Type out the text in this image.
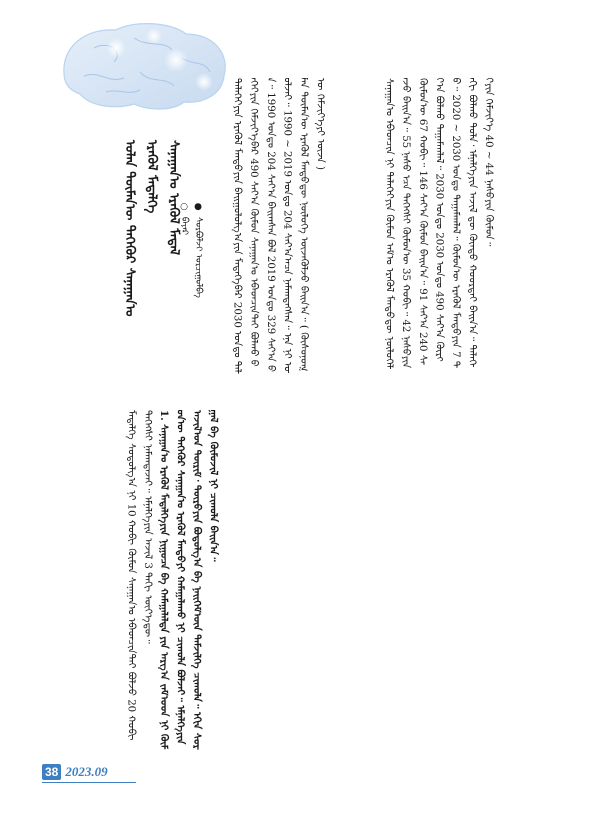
ᠣᠯᠠᠨ ᠲᠦᠮᠡᠨ᠎ᠦ ᠳᠡᠭᠡᠭᠦᠷ ᠰᠠᠨᠠᠭᠠᠨ᠎ᠤ ᠡᠷᠡᠭᠦᠯ ᠮᠡᠳᠡᠯᠭᠡ ᠰᠠᠨᠠᠭᠠᠨ᠎ᠤ ᠡᠷᠡᠭᠦᠯ ᠮᠡᠳᠡᠯ ○ ᠪᠠᠶᠠᠷ
● ᠰᠤᠷᠪᠤᠯᠵᠢ ᠣᠷᠴᠢᠭᠤᠯᠪᠠ	ᠳᠡᠯᠡᠬᠡᠢ᠎ᠶᠢᠨ ᠡᠷᠡᠭᠦᠯ ᠮᠡᠨᠳᠦ᠎ᠶᠢᠨ ᠪᠠᠢᠭᠤᠯᠤᠯᠭ᠎ᠠ᠎ᠶᠢᠨ ᠮᠡᠳᠡᠭᠡ᠎ᠪᠡᠷ 2030 ᠣᠨ᠎ᠳᠤ ᠳᠡᠯᠡᠬᠡᠢ᠎ᠶᠢᠨ ᠬᠡᠮᠵᠢᠶ᠎ᠡ᠎ᠪᠡᠷ 490 ᠰᠠᠶ᠎ᠠ ᠬᠦᠮᠦᠨ ᠰᠠᠨᠠᠭᠠᠨ᠎ᠤ ᠡᠪᠡᠳᠴᠢᠨ᠎ᠲᠡᠢ ᠪᠣᠯᠬᠤ ᠪᠠ᠃ 1990 ᠣᠨ᠎ᠳᠤ 204 ᠰᠠᠶ᠎ᠠ ᠪᠠᠢᠭᠰᠠᠨ ᠪᠣᠯ 2019 ᠣᠨ᠎ᠳᠤ 329 ᠰᠠᠶ᠎ᠠ ᠪᠣᠯᠵᠠᠢ᠃ 1990 ~ 2019 ᠣᠨ᠎ᠳᠤ 204 ᠰᠠᠶ᠎ᠠ᠎ᠠᠴᠠ ᠨᠡᠮᠡᠭ᠍ᠳᠡᠭᠰᠡᠨ᠃ ᠡᠨᠡ ᠨᠢ ᠣᠯᠠᠨ ᠲᠦᠮᠡᠨ᠎ᠦ ᠡᠷᠡᠭᠦᠯ ᠮᠡᠨᠳᠦ᠎ᠳᠦ ᠨᠥᠯᠥᠭᠡ ᠦᠵᠡᠭᠦᠯᠵᠦ ᠪᠠᠢᠨ᠎ᠠ᠃ ( ᠬᠦᠰᠦᠨᠦᠭ᠍ ᠦ ᠬᠡᠮᠵᠢᠶ᠎ᠡ᠎ᠶᠢ ᠦᠵᠡ )	ᠰᠠᠨᠠᠭᠠᠨ᠎ᠤ ᠡᠪᠡᠳᠴᠢᠨ ᠨᠢ ᠳᠡᠯᠡᠬᠡᠢ᠎ᠶᠢᠨ ᠬᠦᠮᠦᠨ ᠠᠮ᠎ᠤ ᠡᠷᠡᠭᠦᠯ ᠮᠡᠨᠳᠦ᠎ᠳᠦ ᠨᠥᠯᠥᠭᠡᠯᠡᠵᠦ ᠪᠠᠢᠨ᠎ᠠ᠃ 55 ᠨᠠᠰᠤ ᠡᠴᠡ ᠳᠡᠭᠡᠭᠰᠢ ᠬᠦᠮᠦᠨ᠎ᠦ 35 ᠬᠤᠪᠢ᠃ 42 ᠨᠠᠰᠤ᠎ᠶᠢᠨ ᠬᠦᠮᠦᠨ᠎ᠦ 67 ᠬᠤᠪᠢ᠃ 146 ᠰᠠᠶ᠎ᠠ ᠬᠦᠮᠦᠨ ᠪᠠᠢᠨ᠎ᠠ᠃ 91 ᠰᠠᠶ᠎ᠠ 240 ᠰᠠᠶ᠎ᠠ ᠪᠣᠯᠬᠤ ᠲᠠᠭᠠᠮᠠᠭᠯᠠᠯ᠃ 2030 ᠣᠨ᠎ᠳᠤ 2030 ᠣᠨ᠎ᠳᠤ 490 ᠰᠠᠶ᠎ᠠ ᠬᠦᠷᠬᠦ᠃ 2020 ~ 2030 ᠣᠨ᠎ᠳᠤ ᠲᠠᠭᠠᠮᠠᠭᠯᠠᠯ᠃ ᠬᠦᠮᠦᠨ᠎ᠦ ᠡᠷᠡᠭᠦᠯ ᠮᠡᠨᠳᠦ᠎ᠶᠢᠨ 7 ᠳᠠᠬᠢ ᠪᠣᠯᠬᠤ ᠲᠤᠯᠠ᠂ ᠡᠮᠨᠡᠯᠭᠡ᠎ᠶᠢᠨ ᠠᠵᠢᠯ ᠳᠦ ᠬᠦᠨᠳᠦ ᠬᠣᠤᠷᠲᠠᠢ ᠪᠠᠢᠨ᠎ᠠ᠃ ᠳᠡᠯᠡᠬᠡᠢ᠎ᠶᠢᠨ ᠬᠡᠮᠵᠢᠶ᠎ᠡ 40 ~ 44 ᠨᠠᠰᠤ᠎ᠶᠢᠨ ᠬᠦᠮᠦᠨ᠃

ᠮᠡᠳᠡᠯᠭᠡ ᠰᠤᠳᠤᠯᠭ᠎ᠠ ᠨᠢ 10 ᠬᠤᠪᠢ ᠬᠦᠮᠦᠨ ᠰᠠᠨᠠᠭᠠᠨ᠎ᠤ ᠡᠪᠡᠳᠴᠢᠨ᠎ᠲᠡᠢ ᠪᠣᠯᠵᠤ 20 ᠬᠤᠪᠢ ᠳᠡᠭᠡᠭᠰᠢ ᠨᠡᠮᠡᠭ᠍ᠳᠡᠵᠡᠢ᠃ ᠡᠮᠨᠡᠯᠭᠡ᠎ᠶᠢᠨ ᠠᠵᠢᠯ 3 ᠳᠠᠬᠢ ᠦᠶ᠎ᠡ᠎ᠳᠦ᠃ 1. ᠰᠠᠨᠠᠭᠠᠨ᠎ᠤ ᠡᠷᠡᠭᠦᠯ ᠮᠡᠳᠡᠯᠭᠡ᠎ᠶᠢᠨ ᠨᠢᠭᠤᠴᠠ ᠪᠠ ᠬᠠᠮᠠᠭᠠᠯᠠᠯᠲᠠ ᠶᠢᠨ ᠠᠷᠭ᠎ᠠ ᠵᠠᠮ᠎ᠤᠳ ᠨᠢ ᠬᠦᠮᠦᠨ᠎ᠦ ᠳᠡᠭᠡᠭᠦᠷ ᠰᠠᠨᠠᠭᠠᠨ᠎ᠤ ᠡᠷᠡᠭᠦᠯ ᠮᠡᠨᠳᠦ᠎ᠶᠢ ᠬᠠᠮᠠᠭᠠᠯᠠᠬᠤ ᠨᠢ ᠴᠢᠬᠤᠯᠠ ᠪᠣᠯᠵᠠᠢ᠃ ᠡᠮᠨᠡᠯᠭᠡ᠎ᠶᠢᠨ ᠠᠵᠢᠯ᠎ᠤᠨ ᠳᠦᠷᠢᠮ᠂ ᠲᠦᠷᠦ᠎ᠶᠢᠨ ᠪᠣᠳᠤᠯᠭ᠎ᠠ ᠪᠠ ᠨᠡᠢᠭᠡᠮ᠎ᠦᠨ ᠳᠡᠮᠵᠢᠯᠭᠡ ᠴᠢᠬᠤᠯᠠ᠃ ᠡᠬᠢᠨ ᠰᠤᠷᠭᠠᠯ ᠪᠠ ᠬᠦᠮᠦᠵᠢᠯ ᠨᠢ ᠴᠢᠬᠤᠯᠠ ᠪᠠᠢᠨ᠎ᠠ᠃

38 2023.09
